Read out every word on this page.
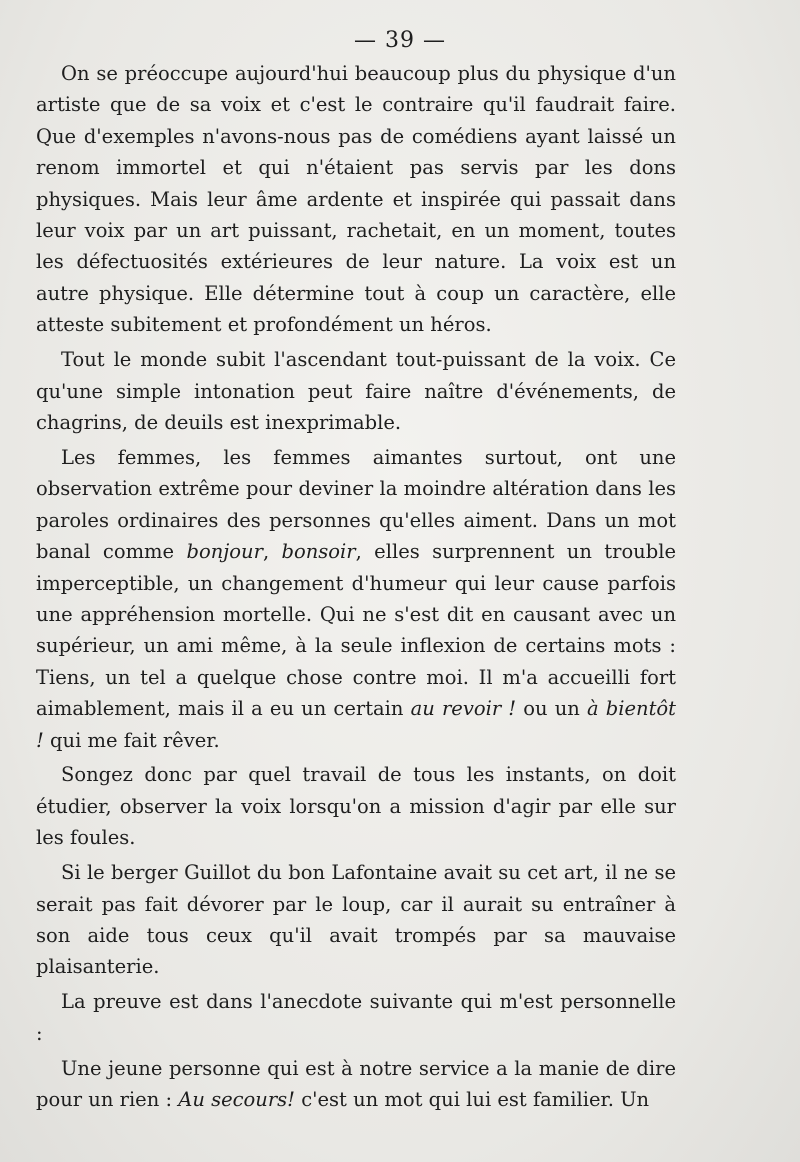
— 39 —

On se préoccupe aujourd'hui beaucoup plus du physique d'un artiste que de sa voix et c'est le contraire qu'il faudrait faire. Que d'exemples n'avons-nous pas de comédiens ayant laissé un renom immortel et qui n'étaient pas servis par les dons physiques. Mais leur âme ardente et inspirée qui passait dans leur voix par un art puissant, rachetait, en un moment, toutes les défectuosités extérieures de leur nature. La voix est un autre physique. Elle détermine tout à coup un caractère, elle atteste subitement et profondément un héros.

Tout le monde subit l'ascendant tout-puissant de la voix. Ce qu'une simple intonation peut faire naître d'événements, de chagrins, de deuils est inexprimable.

Les femmes, les femmes aimantes surtout, ont une observation extrême pour deviner la moindre altération dans les paroles ordinaires des personnes qu'elles aiment. Dans un mot banal comme bonjour, bonsoir, elles surprennent un trouble imperceptible, un changement d'humeur qui leur cause parfois une appréhension mortelle. Qui ne s'est dit en causant avec un supérieur, un ami même, à la seule inflexion de certains mots : Tiens, un tel a quelque chose contre moi. Il m'a accueilli fort aimablement, mais il a eu un certain au revoir ! ou un à bientôt ! qui me fait rêver.

Songez donc par quel travail de tous les instants, on doit étudier, observer la voix lorsqu'on a mission d'agir par elle sur les foules.

Si le berger Guillot du bon Lafontaine avait su cet art, il ne se serait pas fait dévorer par le loup, car il aurait su entraîner à son aide tous ceux qu'il avait trompés par sa mauvaise plaisanterie.

La preuve est dans l'anecdote suivante qui m'est personnelle :

Une jeune personne qui est à notre service a la manie de dire pour un rien : Au secours! c'est un mot qui lui est familier. Un
